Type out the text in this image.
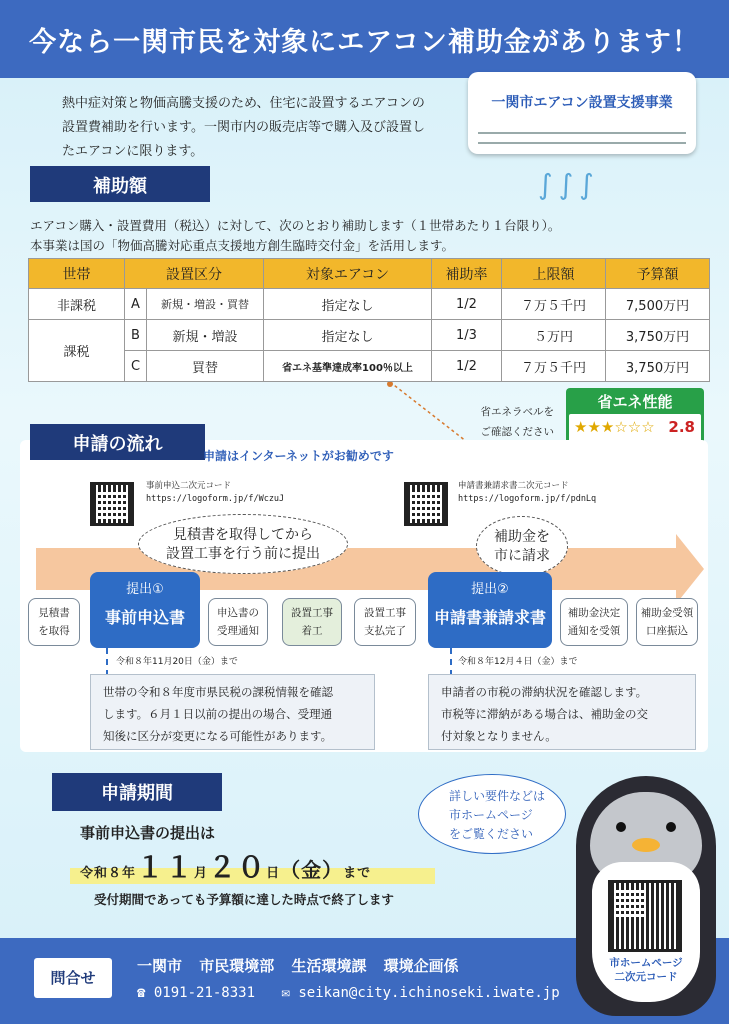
今なら一関市民を対象にエアコン補助金があります！
熱中症対策と物価高騰支援のため、住宅に設置するエアコンの
設置費補助を行います。一関市内の販売店等で購入及び設置し
たエアコンに限ります。
一関市エアコン設置支援事業
∫∫∫
補助額
エアコン購入・設置費用（税込）に対して、次のとおり補助します（１世帯あたり１台限り）。
本事業は国の「物価高騰対応重点支援地方創生臨時交付金」を活用します。
世帯	設置区分		対象エアコン	補助率	上限額	予算額
非課税	A	新規・増設・買替	指定なし	1/2	７万５千円	7,500万円
課税	B	新規・増設	指定なし	1/3	５万円	3,750万円
	C	買替	省エネ基準達成率100％以上	1/2	７万５千円	3,750万円
省エネラベルを
ご確認ください
省エネ性能
★★★☆☆☆ 2.8
申請の流れ
申請はインターネットがお勧めです
事前申込二次元コード
https://logoform.jp/f/WczuJ
申請書兼請求書二次元コード
https://logoform.jp/f/pdnLq
見積書を取得してから
設置工事を行う前に提出
補助金を
市に請求
見積書
を取得
提出①
事前申込書	申込書の
受理通知
設置工事
着工
設置工事
支払完了
提出②
申請書兼請求書	補助金決定
通知を受領
補助金受領
口座振込
令和８年11月20日（金）まで	令和８年12月４日（金）まで
世帯の令和８年度市県民税の課税情報を確認
します。６月１日以前の提出の場合、受理通
知後に区分が変更になる可能性があります。
申請者の市税の滞納状況を確認します。
市税等に滞納がある場合は、補助金の交
付対象となりません。
申請期間
事前申込書の提出は
令和８年１１月２０日（金）まで
受付期間であっても予算額に達した時点で終了します
詳しい要件などは
市ホームページ
をご覧ください
問合せ
一関市 市民環境部 生活環境課 環境企画係
☎ 0191-21-8331 ✉ seikan@city.ichinoseki.iwate.jp
市ホームページ
二次元コード
